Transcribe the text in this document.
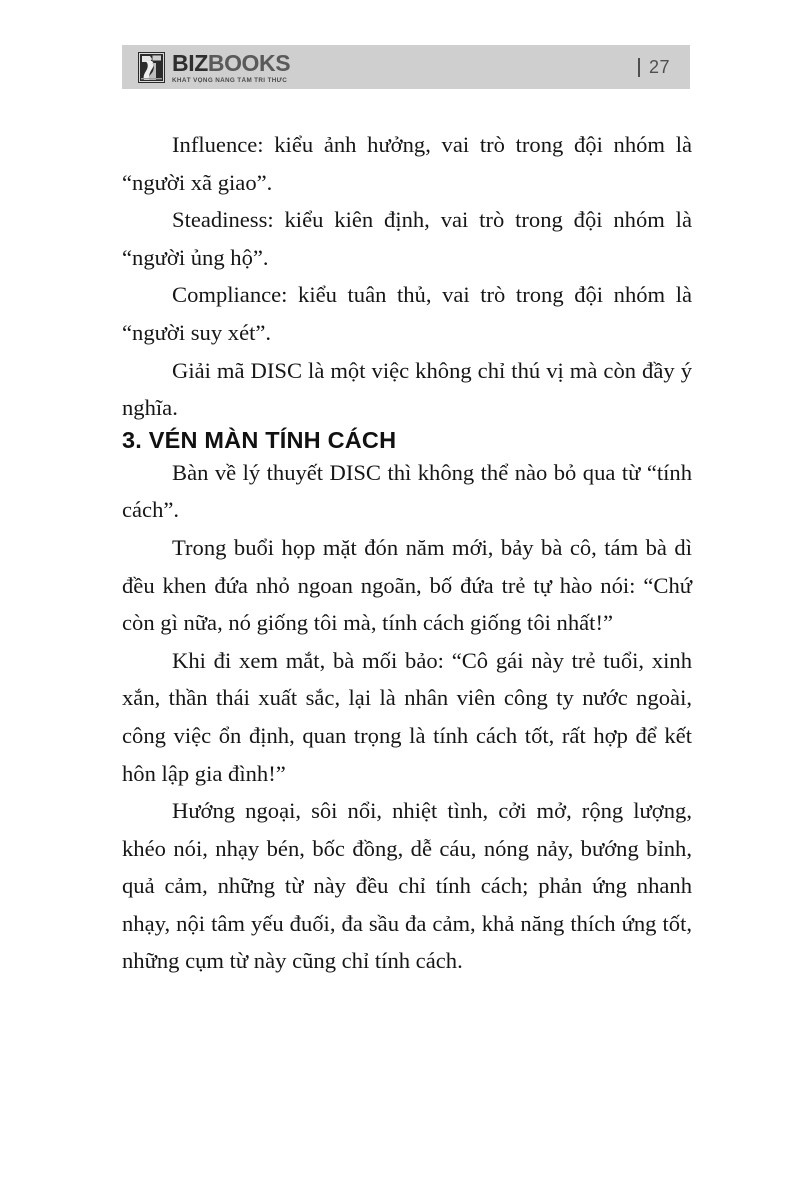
BIZBOOKS
KHÁT VỌNG NÂNG TẦM TRI THỨC
27

Influence: kiểu ảnh hưởng, vai trò trong đội nhóm là “người xã giao”.

Steadiness: kiểu kiên định, vai trò trong đội nhóm là “người ủng hộ”.

Compliance: kiểu tuân thủ, vai trò trong đội nhóm là “người suy xét”.

Giải mã DISC là một việc không chỉ thú vị mà còn đầy ý nghĩa.

3. VÉN MÀN TÍNH CÁCH

Bàn về lý thuyết DISC thì không thể nào bỏ qua từ “tính cách”.

Trong buổi họp mặt đón năm mới, bảy bà cô, tám bà dì đều khen đứa nhỏ ngoan ngoãn, bố đứa trẻ tự hào nói: “Chứ còn gì nữa, nó giống tôi mà, tính cách giống tôi nhất!”

Khi đi xem mắt, bà mối bảo: “Cô gái này trẻ tuổi, xinh xắn, thần thái xuất sắc, lại là nhân viên công ty nước ngoài, công việc ổn định, quan trọng là tính cách tốt, rất hợp để kết hôn lập gia đình!”

Hướng ngoại, sôi nổi, nhiệt tình, cởi mở, rộng lượng, khéo nói, nhạy bén, bốc đồng, dễ cáu, nóng nảy, bướng bỉnh, quả cảm, những từ này đều chỉ tính cách; phản ứng nhanh nhạy, nội tâm yếu đuối, đa sầu đa cảm, khả năng thích ứng tốt, những cụm từ này cũng chỉ tính cách.
